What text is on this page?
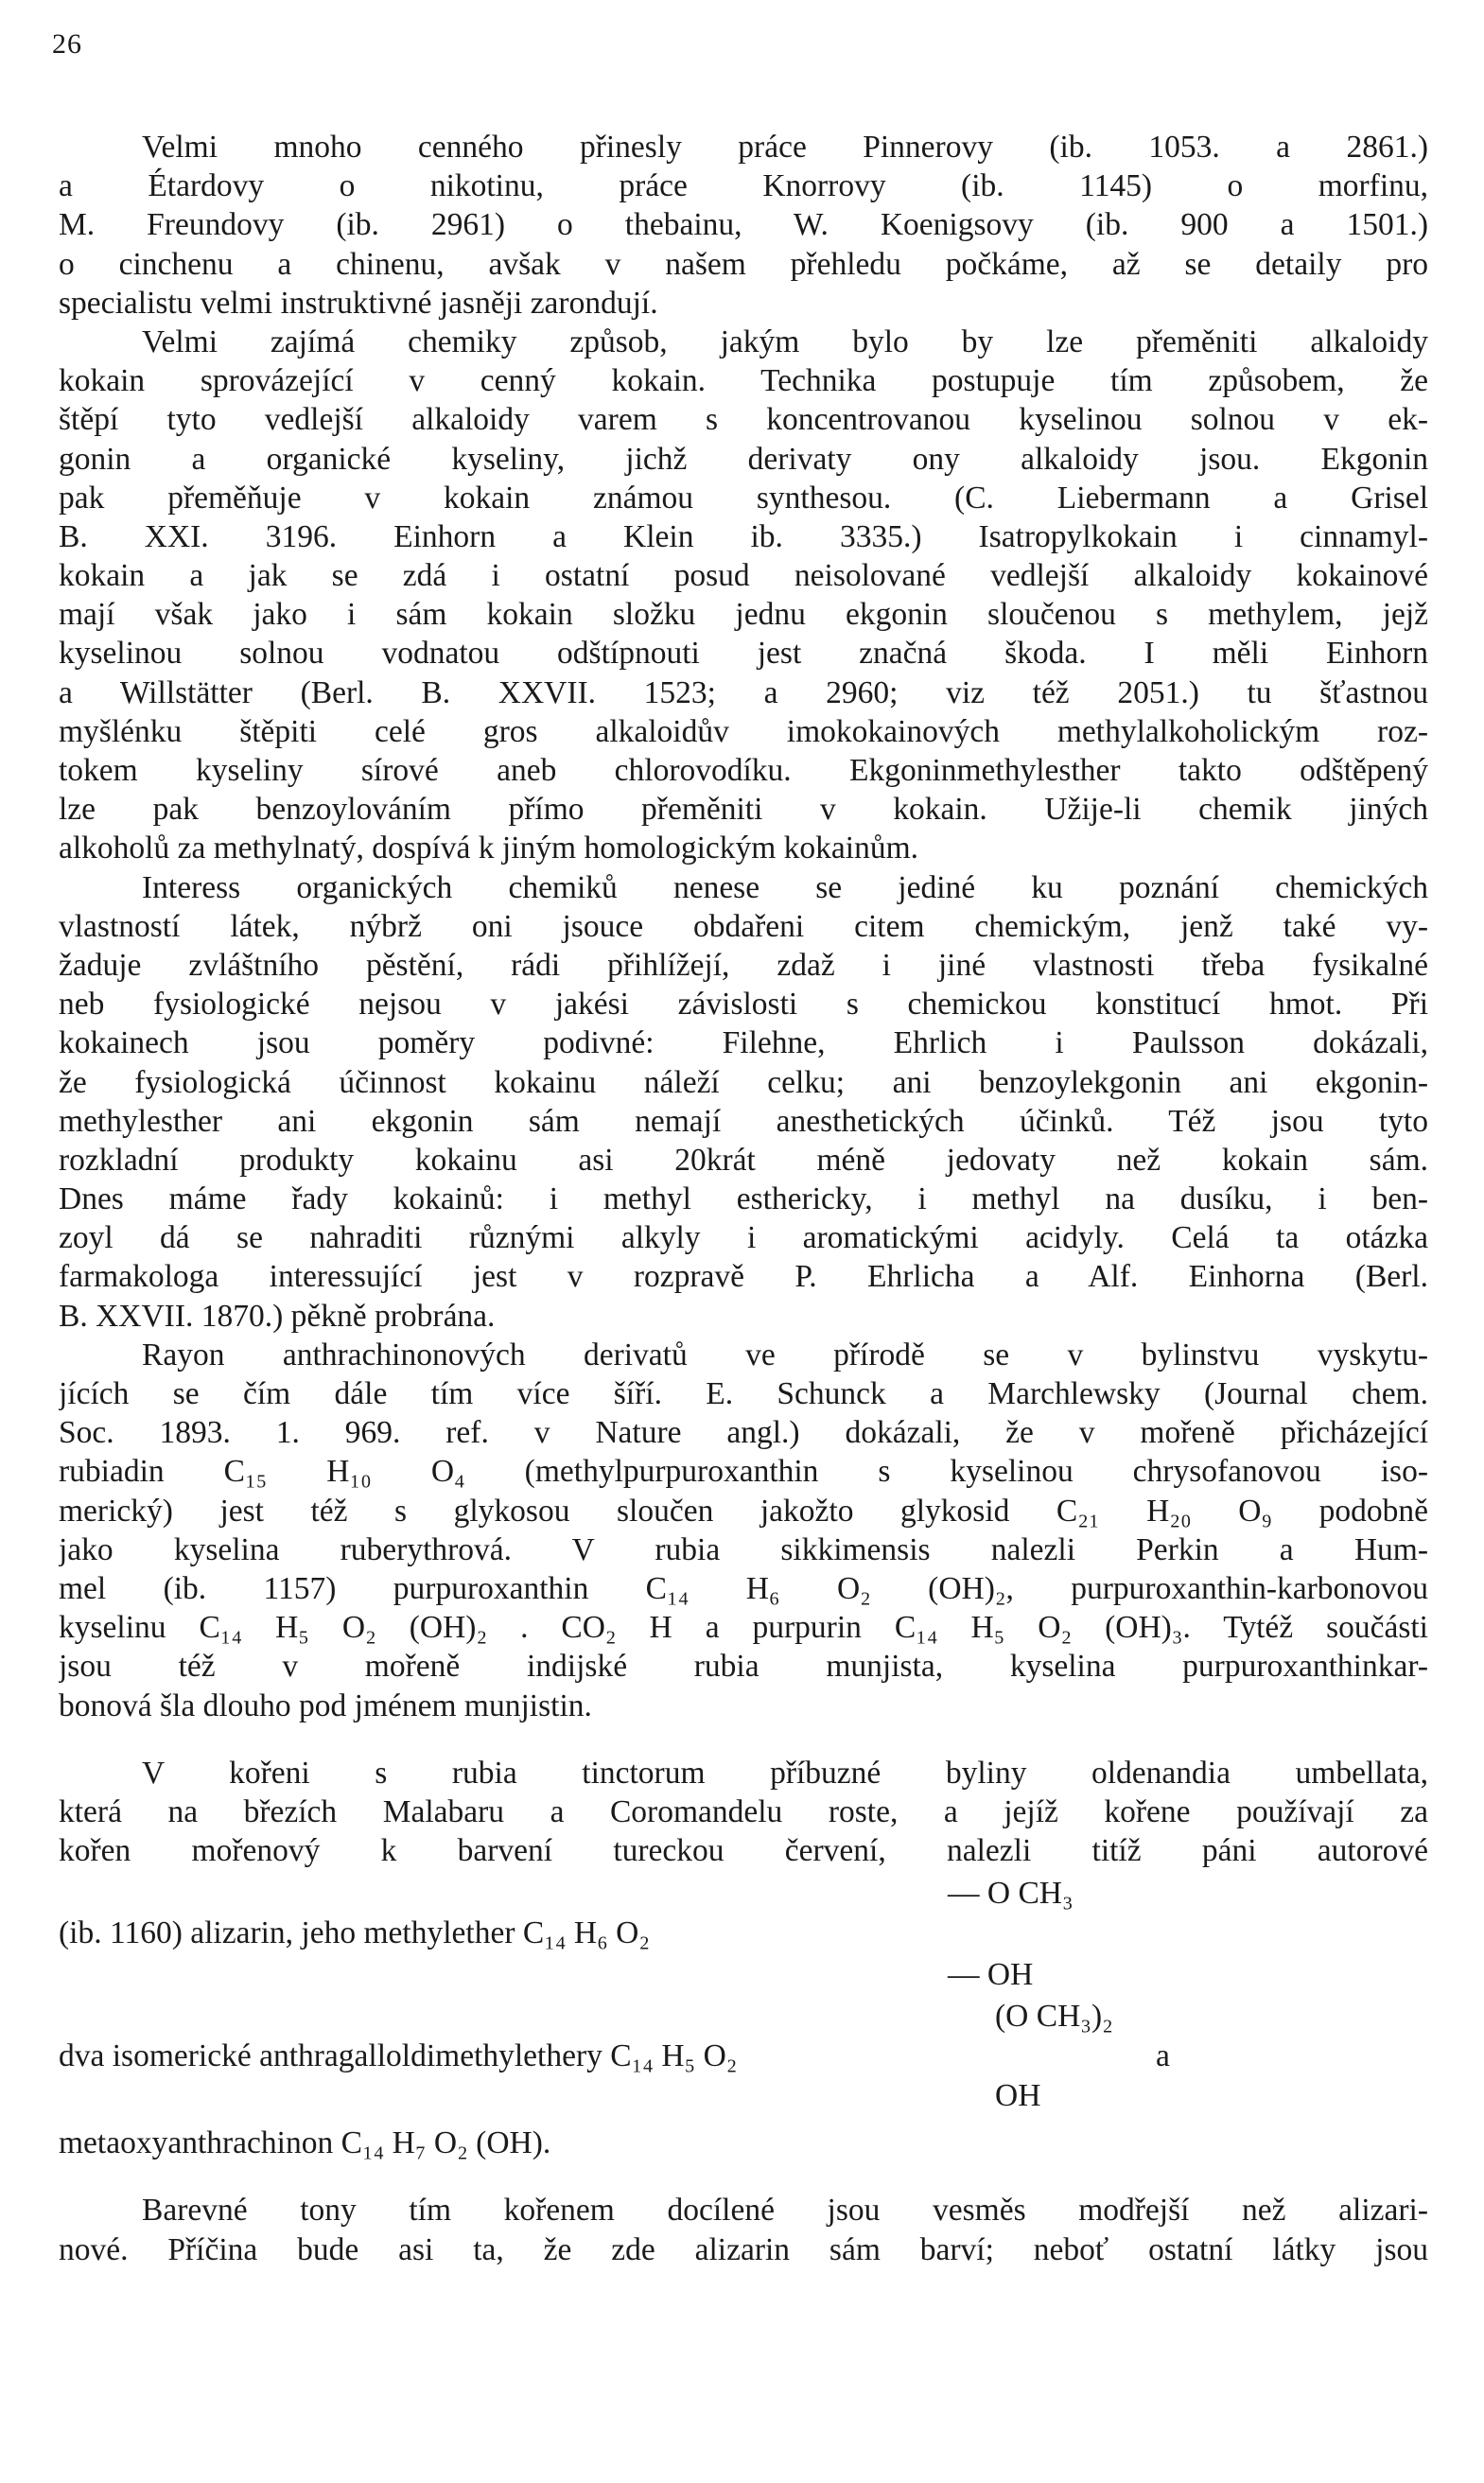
26
Velmi mnoho cenného přinesly práce Pinnerovy (ib. 1053. a 2861.)
a Étardovy o nikotinu, práce Knorrovy (ib. 1145) o morfinu,
M. Freundovy (ib. 2961) o thebainu, W. Koenigsovy (ib. 900 a 1501.)
o cinchenu a chinenu, avšak v našem přehledu počkáme, až se detaily pro
specialistu velmi instruktivné jasněji zarondují.
Velmi zajímá chemiky způsob, jakým bylo by lze přeměniti alkaloidy
kokain sprovázející v cenný kokain. Technika postupuje tím způsobem, že
štěpí tyto vedlejší alkaloidy varem s koncentrovanou kyselinou solnou v ek-
gonin a organické kyseliny, jichž derivaty ony alkaloidy jsou. Ekgonin
pak přeměňuje v kokain známou synthesou. (C. Liebermann a Grisel
B. XXI. 3196. Einhorn a Klein ib. 3335.) Isatropylkokain i cinnamyl-
kokain a jak se zdá i ostatní posud neisolované vedlejší alkaloidy kokainové
mají však jako i sám kokain složku jednu ekgonin sloučenou s methylem, jejž
kyselinou solnou vodnatou odštípnouti jest značná škoda. I měli Einhorn
a Willstätter (Berl. B. XXVII. 1523; a 2960; viz též 2051.) tu šťastnou
myšlénku štěpiti celé gros alkaloidův imokokainových methylalkoholickým roz-
tokem kyseliny sírové aneb chlorovodíku. Ekgoninmethylesther takto odštěpený
lze pak benzoylováním přímo přeměniti v kokain. Užije-li chemik jiných
alkoholů za methylnatý, dospívá k jiným homologickým kokainům.
Interess organických chemiků nenese se jediné ku poznání chemických
vlastností látek, nýbrž oni jsouce obdařeni citem chemickým, jenž také vy-
žaduje zvláštního pěstění, rádi přihlížejí, zdaž i jiné vlastnosti třeba fysikalné
neb fysiologické nejsou v jakési závislosti s chemickou konstitucí hmot. Při
kokainech jsou poměry podivné: Filehne, Ehrlich i Paulsson dokázali,
že fysiologická účinnost kokainu náleží celku; ani benzoylekgonin ani ekgonin-
methylesther ani ekgonin sám nemají anesthetických účinků. Též jsou tyto
rozkladní produkty kokainu asi 20krát méně jedovaty než kokain sám.
Dnes máme řady kokainů: i methyl esthericky, i methyl na dusíku, i ben-
zoyl dá se nahraditi různými alkyly i aromatickými acidyly. Celá ta otázka
farmakologa interessující jest v rozpravě P. Ehrlicha a Alf. Einhorna (Berl.
B. XXVII. 1870.) pěkně probrána.
Rayon anthrachinonových derivatů ve přírodě se v bylinstvu vyskytu-
jících se čím dále tím více šíří. E. Schunck a Marchlewsky (Journal chem.
Soc. 1893. 1. 969. ref. v Nature angl.) dokázali, že v mořeně přicházející
rubiadin C₁₅ H₁₀ O₄ (methylpurpuroxanthin s kyselinou chrysofanovou iso-
merický) jest též s glykosou sloučen jakožto glykosid C₂₁ H₂₀ O₉ podobně
jako kyselina ruberythrová. V rubia sikkimensis nalezli Perkin a Hum-
mel (ib. 1157) purpuroxanthin C₁₄ H₆ O₂ (OH)₂, purpuroxanthin-karbonovou
kyselinu C₁₄ H₅ O₂ (OH)₂ . CO₂ H a purpurin C₁₄ H₅ O₂ (OH)₃. Tytéž součásti
jsou též v mořeně indijské rubia munjista, kyselina purpuroxanthinkar-
bonová šla dlouho pod jménem munjistin.
V kořeni s rubia tinctorum příbuzné byliny oldenandia umbellata,
která na březích Malabaru a Coromandelu roste, a jejíž kořene používají za
kořen mořenový k barvení tureckou červení, nalezli titíž páni autorové
— O CH₃
(ib. 1160) alizarin, jeho methylether C₁₄ H₆ O₂
— OH
(O CH₃)₂
dva isomerické anthragalloldimethylethery C₁₄ H₅ O₂	a
OH
metaoxyanthrachinon C₁₄ H₇ O₂ (OH).
Barevné tony tím kořenem docílené jsou vesměs modřejší než alizari-
nové. Příčina bude asi ta, že zde alizarin sám barví; neboť ostatní látky jsou
